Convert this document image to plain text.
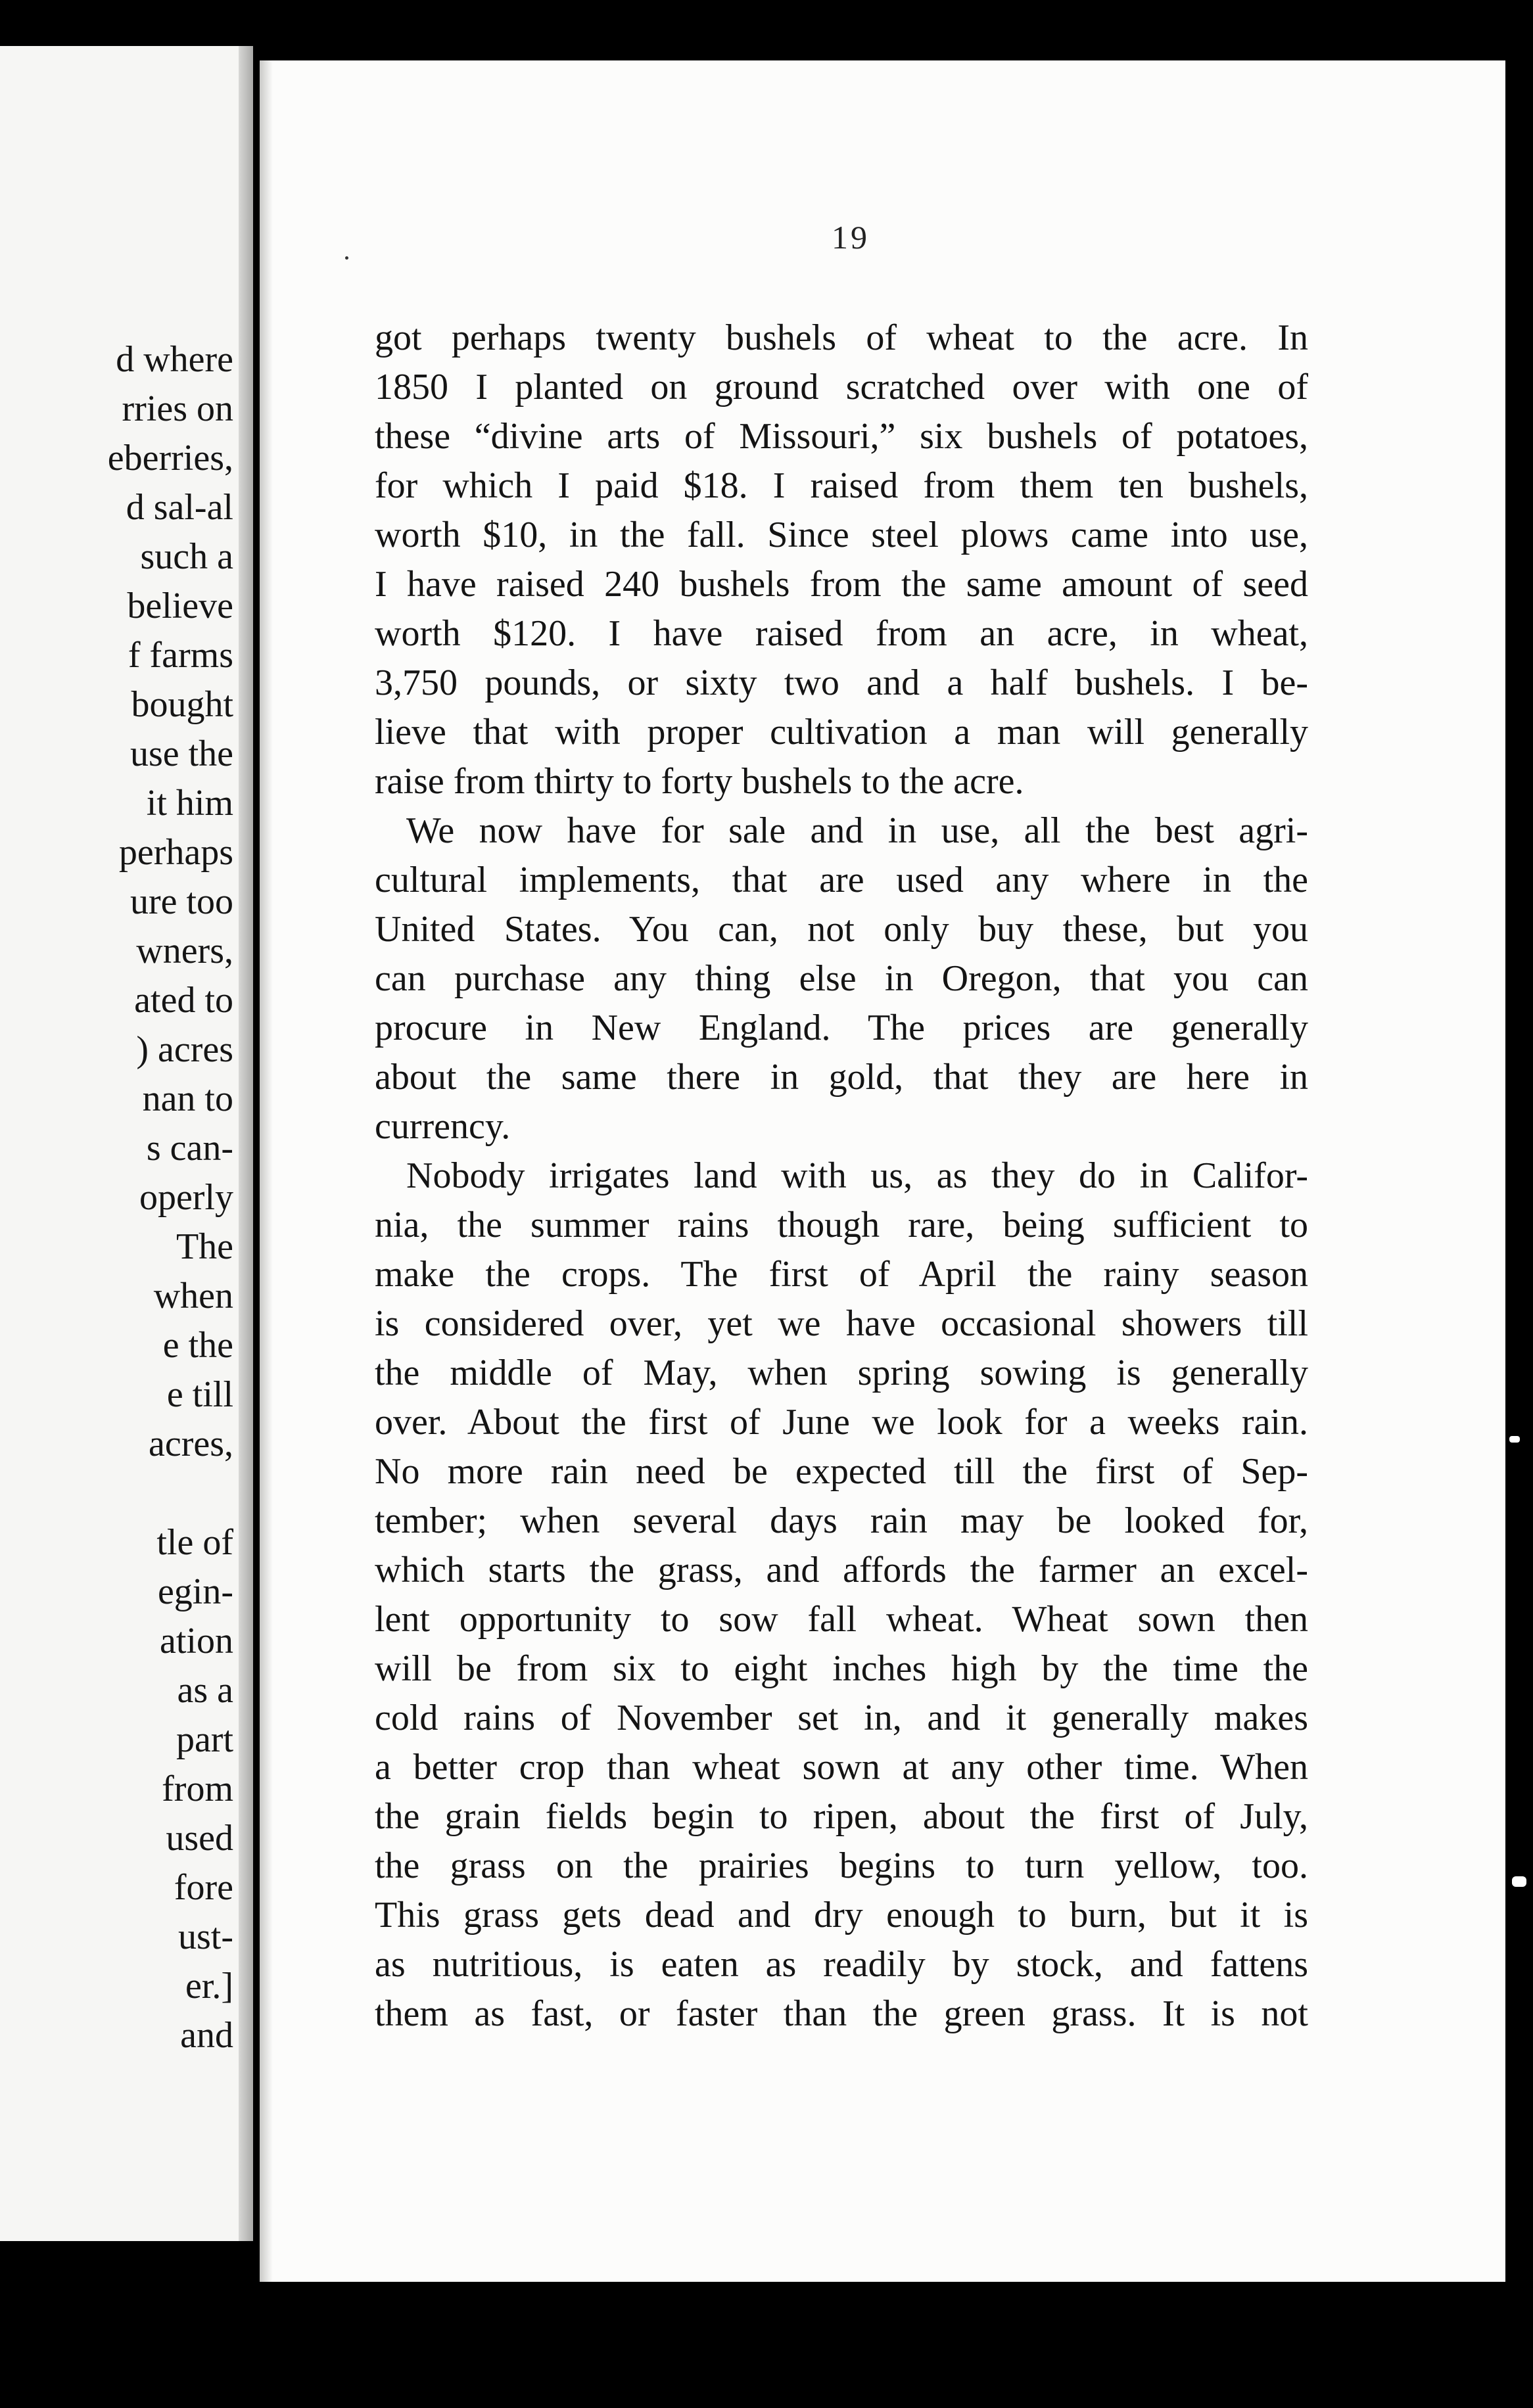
d where
rries on
eberries,
d sal-al
such a
believe
f farms
bought
use the
it him
perhaps
ure too
wners,
ated to
) acres
nan to
s can-
operly
The
when
e the
e till
acres,
tle of
egin-
ation
as a
part
from
used
fore
ust-
er.]
and
19
got perhaps twenty bushels of wheat to the acre. In
1850 I planted on ground scratched over with one of
these “divine arts of Missouri,” six bushels of potatoes,
for which I paid $18. I raised from them ten bushels,
worth $10, in the fall. Since steel plows came into use,
I have raised 240 bushels from the same amount of seed
worth $120. I have raised from an acre, in wheat,
3,750 pounds, or sixty two and a half bushels. I be-
lieve that with proper cultivation a man will generally
raise from thirty to forty bushels to the acre.
We now have for sale and in use, all the best agri-
cultural implements, that are used any where in the
United States. You can, not only buy these, but you
can purchase any thing else in Oregon, that you can
procure in New England. The prices are generally
about the same there in gold, that they are here in
currency.
Nobody irrigates land with us, as they do in Califor-
nia, the summer rains though rare, being sufficient to
make the crops. The first of April the rainy season
is considered over, yet we have occasional showers till
the middle of May, when spring sowing is generally
over. About the first of June we look for a weeks rain.
No more rain need be expected till the first of Sep-
tember; when several days rain may be looked for,
which starts the grass, and affords the farmer an excel-
lent opportunity to sow fall wheat. Wheat sown then
will be from six to eight inches high by the time the
cold rains of November set in, and it generally makes
a better crop than wheat sown at any other time. When
the grain fields begin to ripen, about the first of July,
the grass on the prairies begins to turn yellow, too.
This grass gets dead and dry enough to burn, but it is
as nutritious, is eaten as readily by stock, and fattens
them as fast, or faster than the green grass. It is not
